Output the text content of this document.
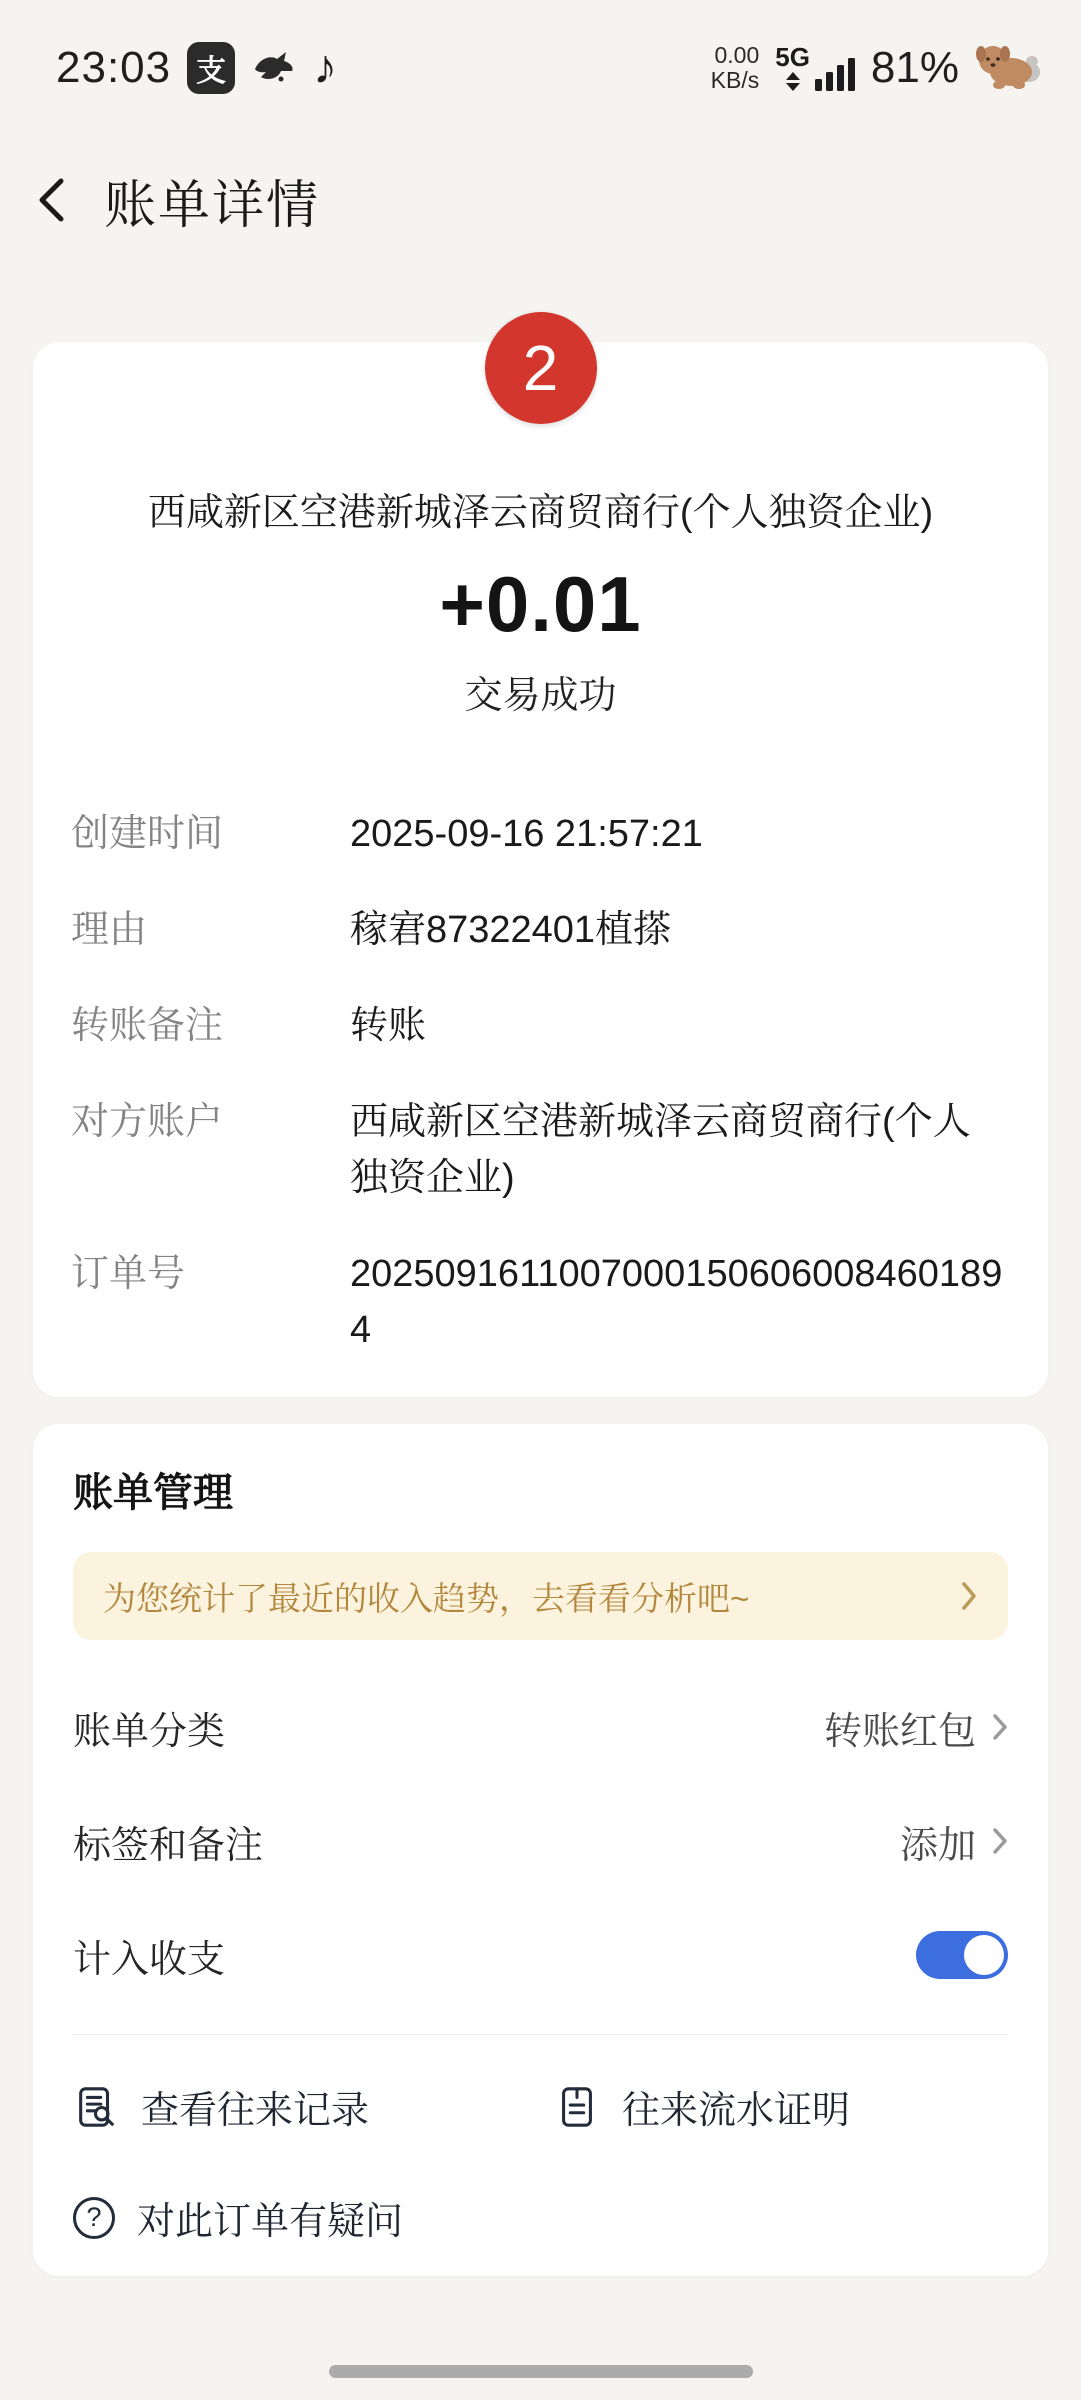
23:03 支 ♪	0.00
KB/s
5G 81%
账单详情
2
西咸新区空港新城泽云商贸商行(个人独资企业)
+0.01
交易成功
创建时间	2025-09-16 21:57:21
理由	稼宭87322401植搽
转账备注	转账
对方账户	西咸新区空港新城泽云商贸商行(个人独资企业)
订单号	20250916110070001506060084601894
账单管理
为您统计了最近的收入趋势，去看看分析吧~
账单分类	转账红包
标签和备注	添加
计入收支
查看往来记录	往来流水证明
? 对此订单有疑问
